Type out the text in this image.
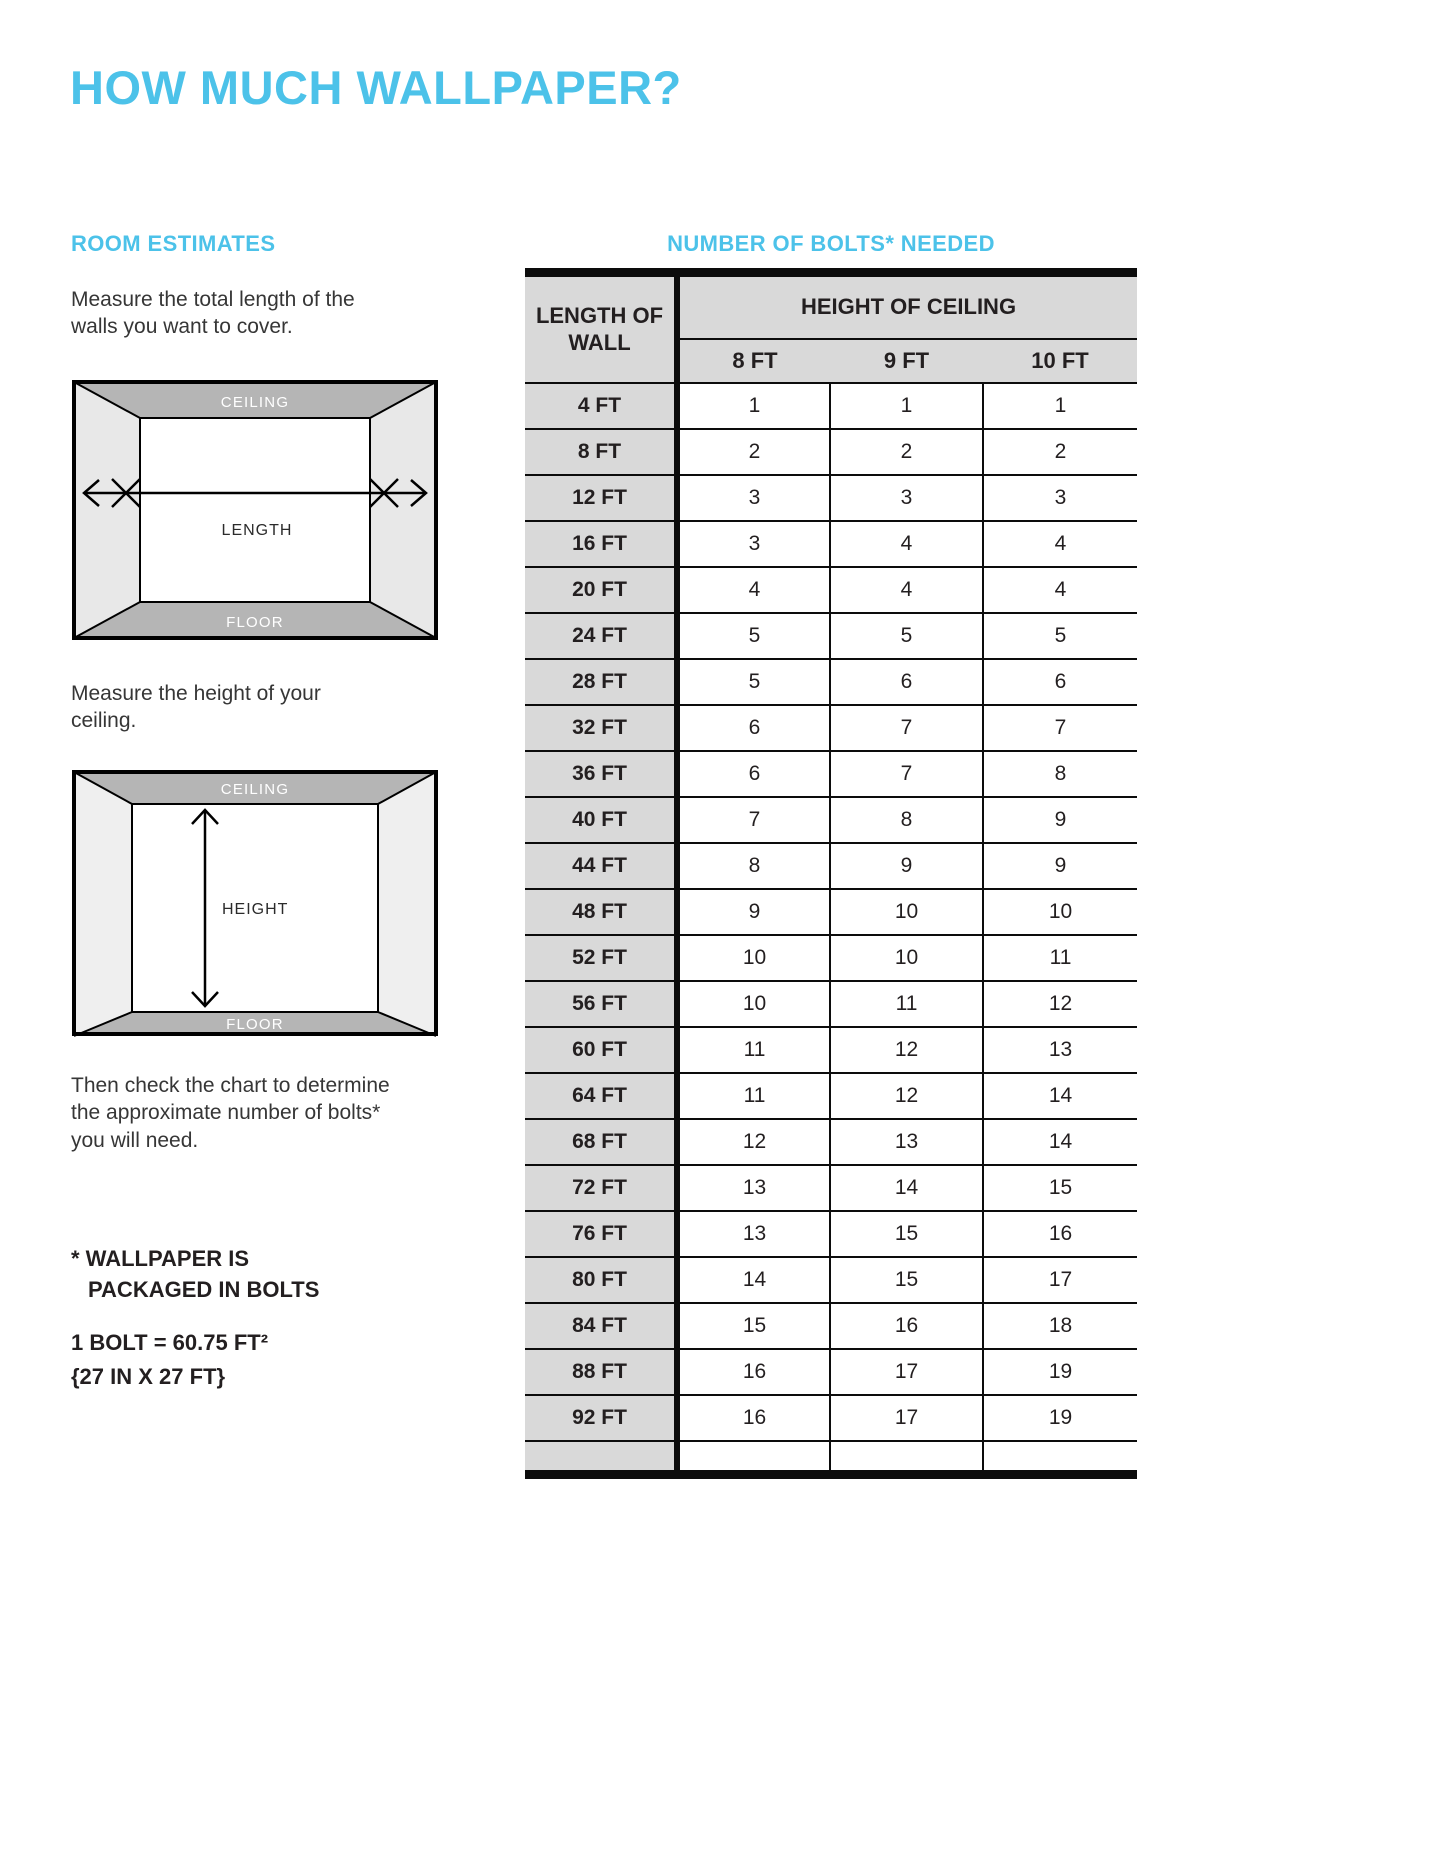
HOW MUCH WALLPAPER?
ROOM ESTIMATES

Measure the total length of the walls you want to cover.

CEILING
FLOOR
LENGTH

Measure the height of your ceiling.

CEILING
FLOOR
HEIGHT

Then check the chart to determine the approximate number of bolts* you will need.

* WALLPAPER IS
PACKAGED IN BOLTS
1 BOLT = 60.75 FT²
{27 IN X 27 FT}
NUMBER OF BOLTS* NEEDED
LENGTH OF WALL	HEIGHT OF CEILING		
	8 FT	9 FT	10 FT
4 FT	1	1	1
8 FT	2	2	2
12 FT	3	3	3
16 FT	3	4	4
20 FT	4	4	4
24 FT	5	5	5
28 FT	5	6	6
32 FT	6	7	7
36 FT	6	7	8
40 FT	7	8	9
44 FT	8	9	9
48 FT	9	10	10
52 FT	10	10	11
56 FT	10	11	12
60 FT	11	12	13
64 FT	11	12	14
68 FT	12	13	14
72 FT	13	14	15
76 FT	13	15	16
80 FT	14	15	17
84 FT	15	16	18
88 FT	16	17	19
92 FT	16	17	19
